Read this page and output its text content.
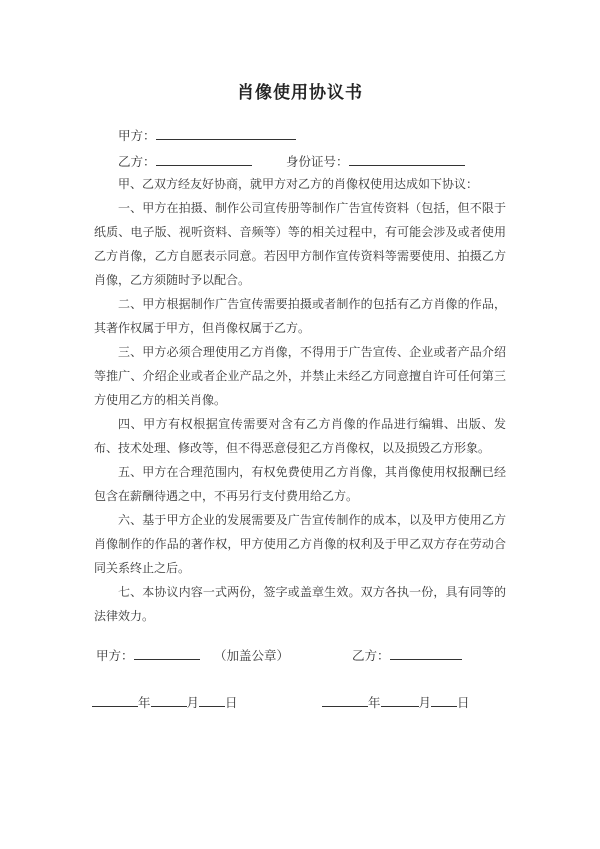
肖像使用协议书
甲方：
乙方：	身份证号：

甲、乙双方经友好协商，就甲方对乙方的肖像权使用达成如下协议：

一、甲方在拍摄、制作公司宣传册等制作广告宣传资料（包括，但不限于纸质、电子版、视听资料、音频等）等的相关过程中，有可能会涉及或者使用乙方肖像，乙方自愿表示同意。若因甲方制作宣传资料等需要使用、拍摄乙方肖像，乙方须随时予以配合。

二、甲方根据制作广告宣传需要拍摄或者制作的包括有乙方肖像的作品，其著作权属于甲方，但肖像权属于乙方。

三、甲方必须合理使用乙方肖像，不得用于广告宣传、企业或者产品介绍等推广、介绍企业或者企业产品之外，并禁止未经乙方同意擅自许可任何第三方使用乙方的相关肖像。

四、甲方有权根据宣传需要对含有乙方肖像的作品进行编辑、出版、发布、技术处理、修改等，但不得恶意侵犯乙方肖像权，以及损毁乙方形象。

五、甲方在合理范围内，有权免费使用乙方肖像，其肖像使用权报酬已经包含在薪酬待遇之中，不再另行支付费用给乙方。

六、基于甲方企业的发展需要及广告宣传制作的成本，以及甲方使用乙方肖像制作的作品的著作权，甲方使用乙方肖像的权利及于甲乙双方存在劳动合同关系终止之后。

七、本协议内容一式两份，签字或盖章生效。双方各执一份，具有同等的法律效力。

甲方：	（加盖公章）	乙方：
年	月 日	年	月 日
